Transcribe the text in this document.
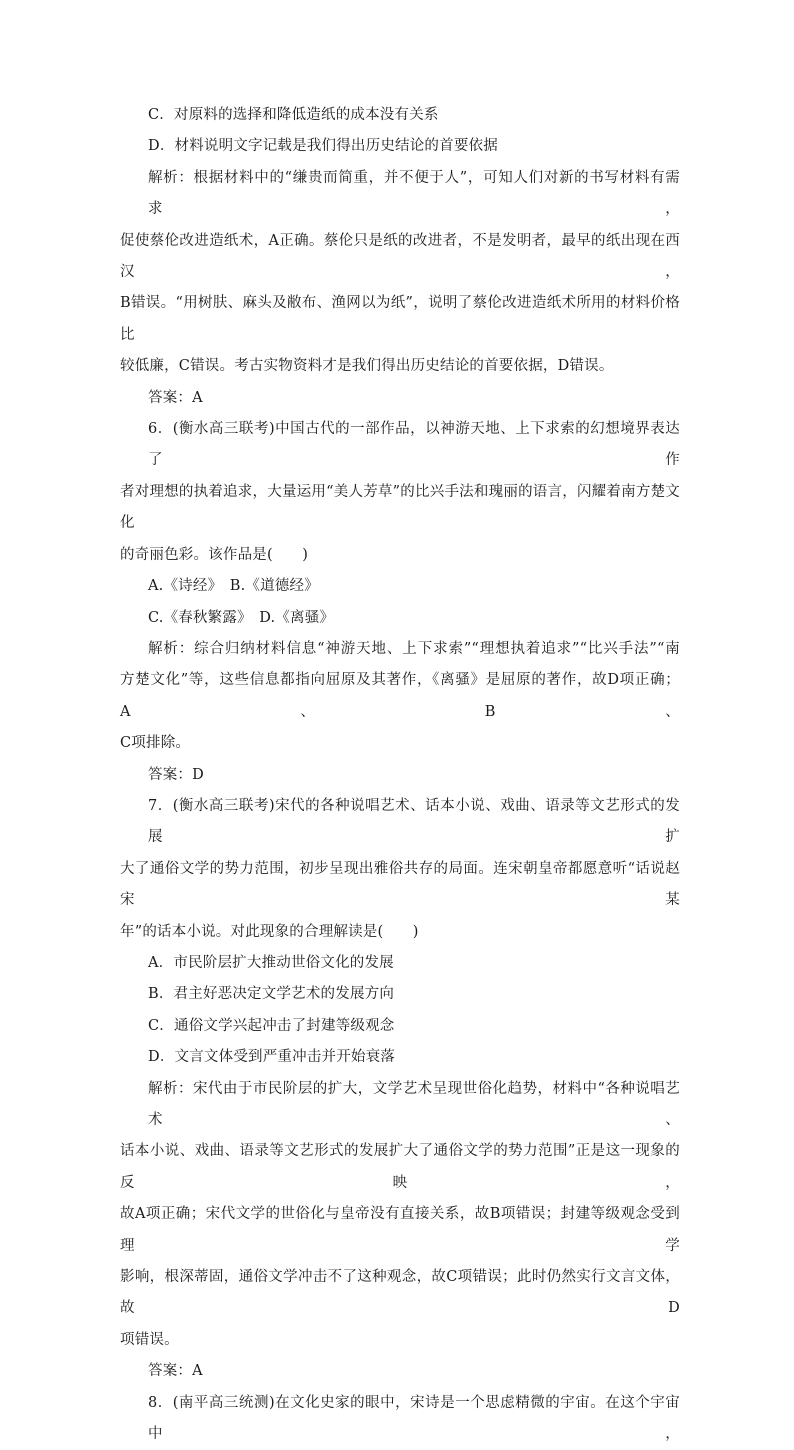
C．对原料的选择和降低造纸的成本没有关系
D．材料说明文字记载是我们得出历史结论的首要依据
解析：根据材料中的“缣贵而简重，并不便于人”，可知人们对新的书写材料有需求，
促使蔡伦改进造纸术，A正确。蔡伦只是纸的改进者，不是发明者，最早的纸出现在西汉，
B错误。“用树肤、麻头及敝布、渔网以为纸”，说明了蔡伦改进造纸术所用的材料价格比
较低廉，C错误。考古实物资料才是我们得出历史结论的首要依据，D错误。
答案：A
6．(衡水高三联考)中国古代的一部作品，以神游天地、上下求索的幻想境界表达了作
者对理想的执着追求，大量运用“美人芳草”的比兴手法和瑰丽的语言，闪耀着南方楚文化
的奇丽色彩。该作品是(　　)
A.《诗经》　B.《道德经》
C.《春秋繁露》　D.《离骚》
解析：综合归纳材料信息“神游天地、上下求索”“理想执着追求”“比兴手法”“南
方楚文化”等，这些信息都指向屈原及其著作，《离骚》是屈原的著作，故D项正确；A、B、
C项排除。
答案：D
7．(衡水高三联考)宋代的各种说唱艺术、话本小说、戏曲、语录等文艺形式的发展扩
大了通俗文学的势力范围，初步呈现出雅俗共存的局面。连宋朝皇帝都愿意听“话说赵宋某
年”的话本小说。对此现象的合理解读是(　　)
A．市民阶层扩大推动世俗文化的发展
B．君主好恶决定文学艺术的发展方向
C．通俗文学兴起冲击了封建等级观念
D．文言文体受到严重冲击并开始衰落
解析：宋代由于市民阶层的扩大，文学艺术呈现世俗化趋势，材料中“各种说唱艺术、
话本小说、戏曲、语录等文艺形式的发展扩大了通俗文学的势力范围”正是这一现象的反映，
故A项正确；宋代文学的世俗化与皇帝没有直接关系，故B项错误；封建等级观念受到理学
影响，根深蒂固，通俗文学冲击不了这种观念，故C项错误；此时仍然实行文言文体，故D
项错误。
答案：A
8．(南平高三统测)在文化史家的眼中，宋诗是一个思虑精微的宇宙。在这个宇宙中，
